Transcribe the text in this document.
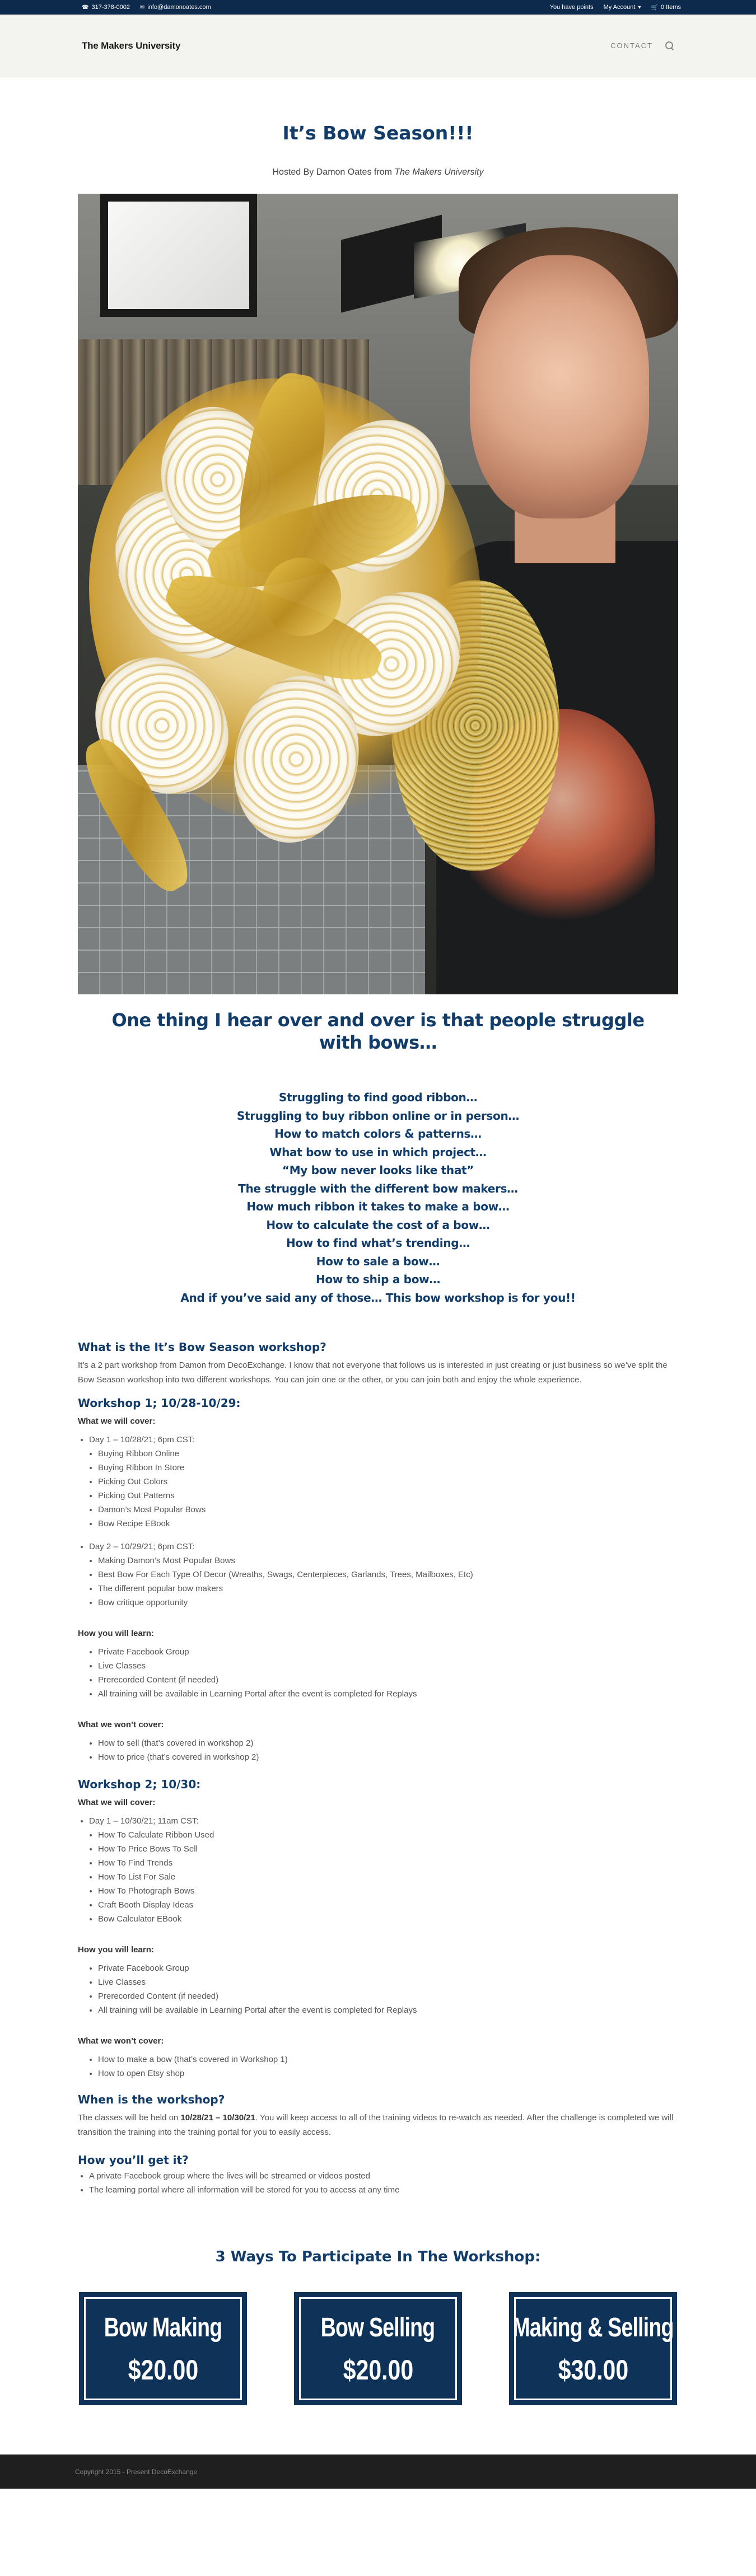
☎ 317-378-0002 ✉ info@damonoates.com	You have points My Account ▾ 🛒 0 Items
The Makers University	CONTACT
It’s Bow Season!!!

Hosted By Damon Oates from The Makers University

One thing I hear over and over is that people struggle with bows…

Struggling to find good ribbon…

Struggling to buy ribbon online or in person…

How to match colors & patterns…

What bow to use in which project…

“My bow never looks like that”

The struggle with the different bow makers…

How much ribbon it takes to make a bow…

How to calculate the cost of a bow…

How to find what’s trending…

How to sale a bow…

How to ship a bow…

And if you’ve said any of those… This bow workshop is for you!!

What is the It’s Bow Season workshop?

It’s a 2 part workshop from Damon from DecoExchange. I know that not everyone that follows us is interested in just creating or just business so we’ve split the Bow Season workshop into two different workshops. You can join one or the other, or you can join both and enjoy the whole experience.

Workshop 1; 10/28-10/29:
What we will cover:
• Day 1 – 10/28/21; 6pm CST:
• Buying Ribbon Online
• Buying Ribbon In Store
• Picking Out Colors
• Picking Out Patterns
• Damon’s Most Popular Bows
• Bow Recipe EBook
• Day 2 – 10/29/21; 6pm CST:
• Making Damon’s Most Popular Bows
• Best Bow For Each Type Of Decor (Wreaths, Swags, Centerpieces, Garlands, Trees, Mailboxes, Etc)
• The different popular bow makers
• Bow critique opportunity
How you will learn:
• Private Facebook Group
• Live Classes
• Prerecorded Content (if needed)
• All training will be available in Learning Portal after the event is completed for Replays
What we won’t cover:
• How to sell (that’s covered in workshop 2)
• How to price (that’s covered in workshop 2)
Workshop 2; 10/30:
What we will cover:
• Day 1 – 10/30/21; 11am CST:
• How To Calculate Ribbon Used
• How To Price Bows To Sell
• How To Find Trends
• How To List For Sale
• How To Photograph Bows
• Craft Booth Display Ideas
• Bow Calculator EBook
How you will learn:
• Private Facebook Group
• Live Classes
• Prerecorded Content (if needed)
• All training will be available in Learning Portal after the event is completed for Replays
What we won’t cover:
• How to make a bow (that’s covered in Workshop 1)
• How to open Etsy shop
When is the workshop?

The classes will be held on 10/28/21 – 10/30/21. You will keep access to all of the training videos to re-watch as needed. After the challenge is completed we will transition the training into the training portal for you to easily access.

How you’ll get it?
• A private Facebook group where the lives will be streamed or videos posted
• The learning portal where all information will be stored for you to access at any time
3 Ways To Participate In The Workshop:
Bow Making
$20.00
Bow Selling
$20.00
Making & Selling
$30.00
Copyright 2015 - Present DecoExchange
